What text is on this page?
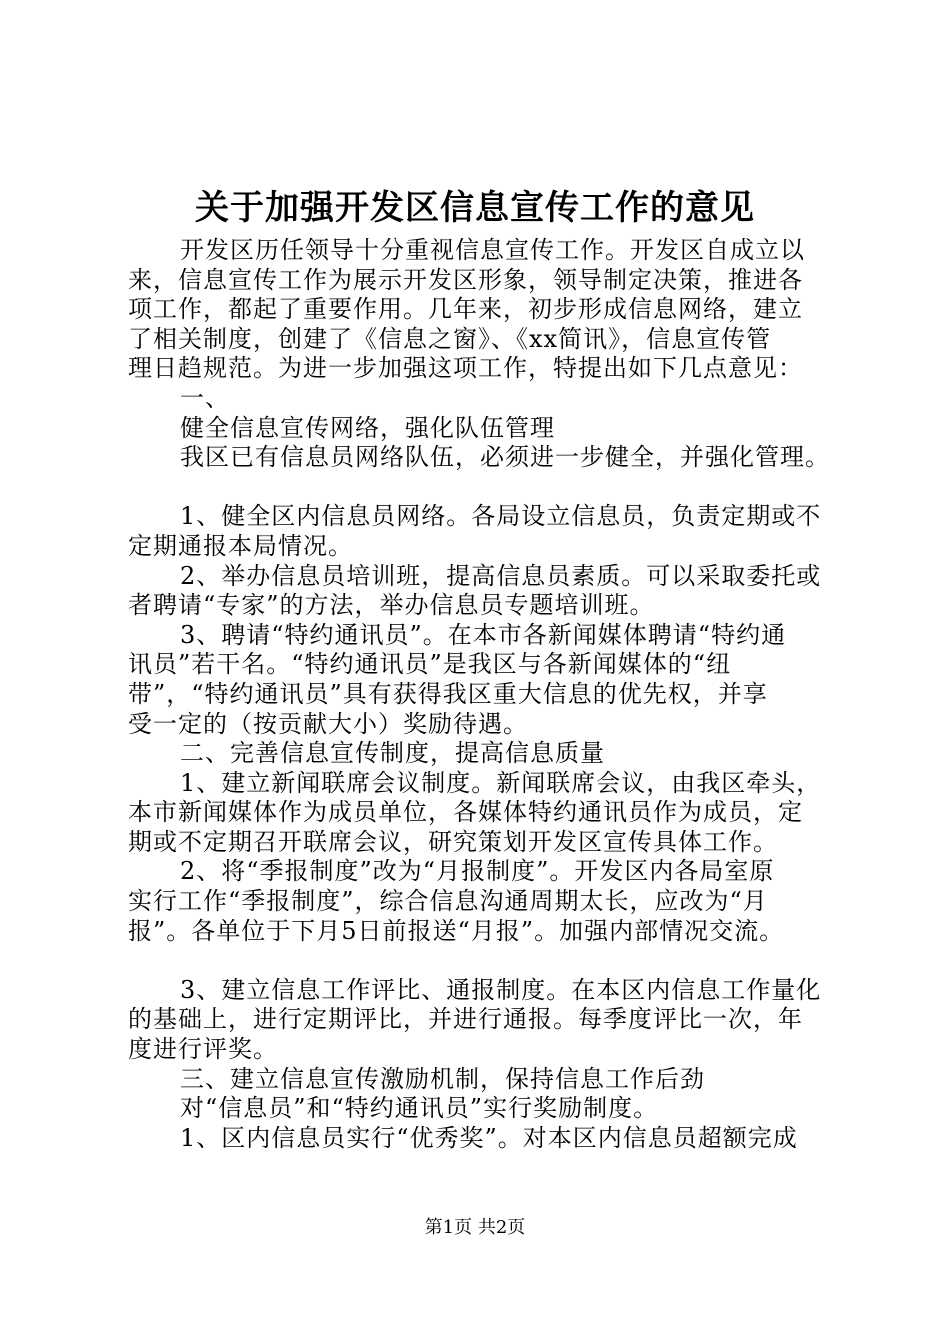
关于加强开发区信息宣传工作的意见
开发区历任领导十分重视信息宣传工作。开发区自成立以
来，信息宣传工作为展示开发区形象，领导制定决策，推进各
项工作，都起了重要作用。几年来，初步形成信息网络，建立
了相关制度，创建了《信息之窗》、《xx简讯》，信息宣传管
理日趋规范。为进一步加强这项工作，特提出如下几点意见：
一、
健全信息宣传网络，强化队伍管理
我区已有信息员网络队伍，必须进一步健全，并强化管理。
1、健全区内信息员网络。各局设立信息员，负责定期或不
定期通报本局情况。
2、举办信息员培训班，提高信息员素质。可以采取委托或
者聘请“专家”的方法，举办信息员专题培训班。
3、聘请“特约通讯员”。在本市各新闻媒体聘请“特约通
讯员”若干名。“特约通讯员”是我区与各新闻媒体的“纽
带”，“特约通讯员”具有获得我区重大信息的优先权，并享
受一定的（按贡献大小）奖励待遇。
二、完善信息宣传制度，提高信息质量
1、建立新闻联席会议制度。新闻联席会议，由我区牵头，
本市新闻媒体作为成员单位，各媒体特约通讯员作为成员，定
期或不定期召开联席会议，研究策划开发区宣传具体工作。
2、将“季报制度”改为“月报制度”。开发区内各局室原
实行工作“季报制度”，综合信息沟通周期太长，应改为“月
报”。各单位于下月5日前报送“月报”。加强内部情况交流。
3、建立信息工作评比、通报制度。在本区内信息工作量化
的基础上，进行定期评比，并进行通报。每季度评比一次，年
度进行评奖。
三、建立信息宣传激励机制，保持信息工作后劲
对“信息员”和“特约通讯员”实行奖励制度。
1、区内信息员实行“优秀奖”。对本区内信息员超额完成
第1页 共2页
